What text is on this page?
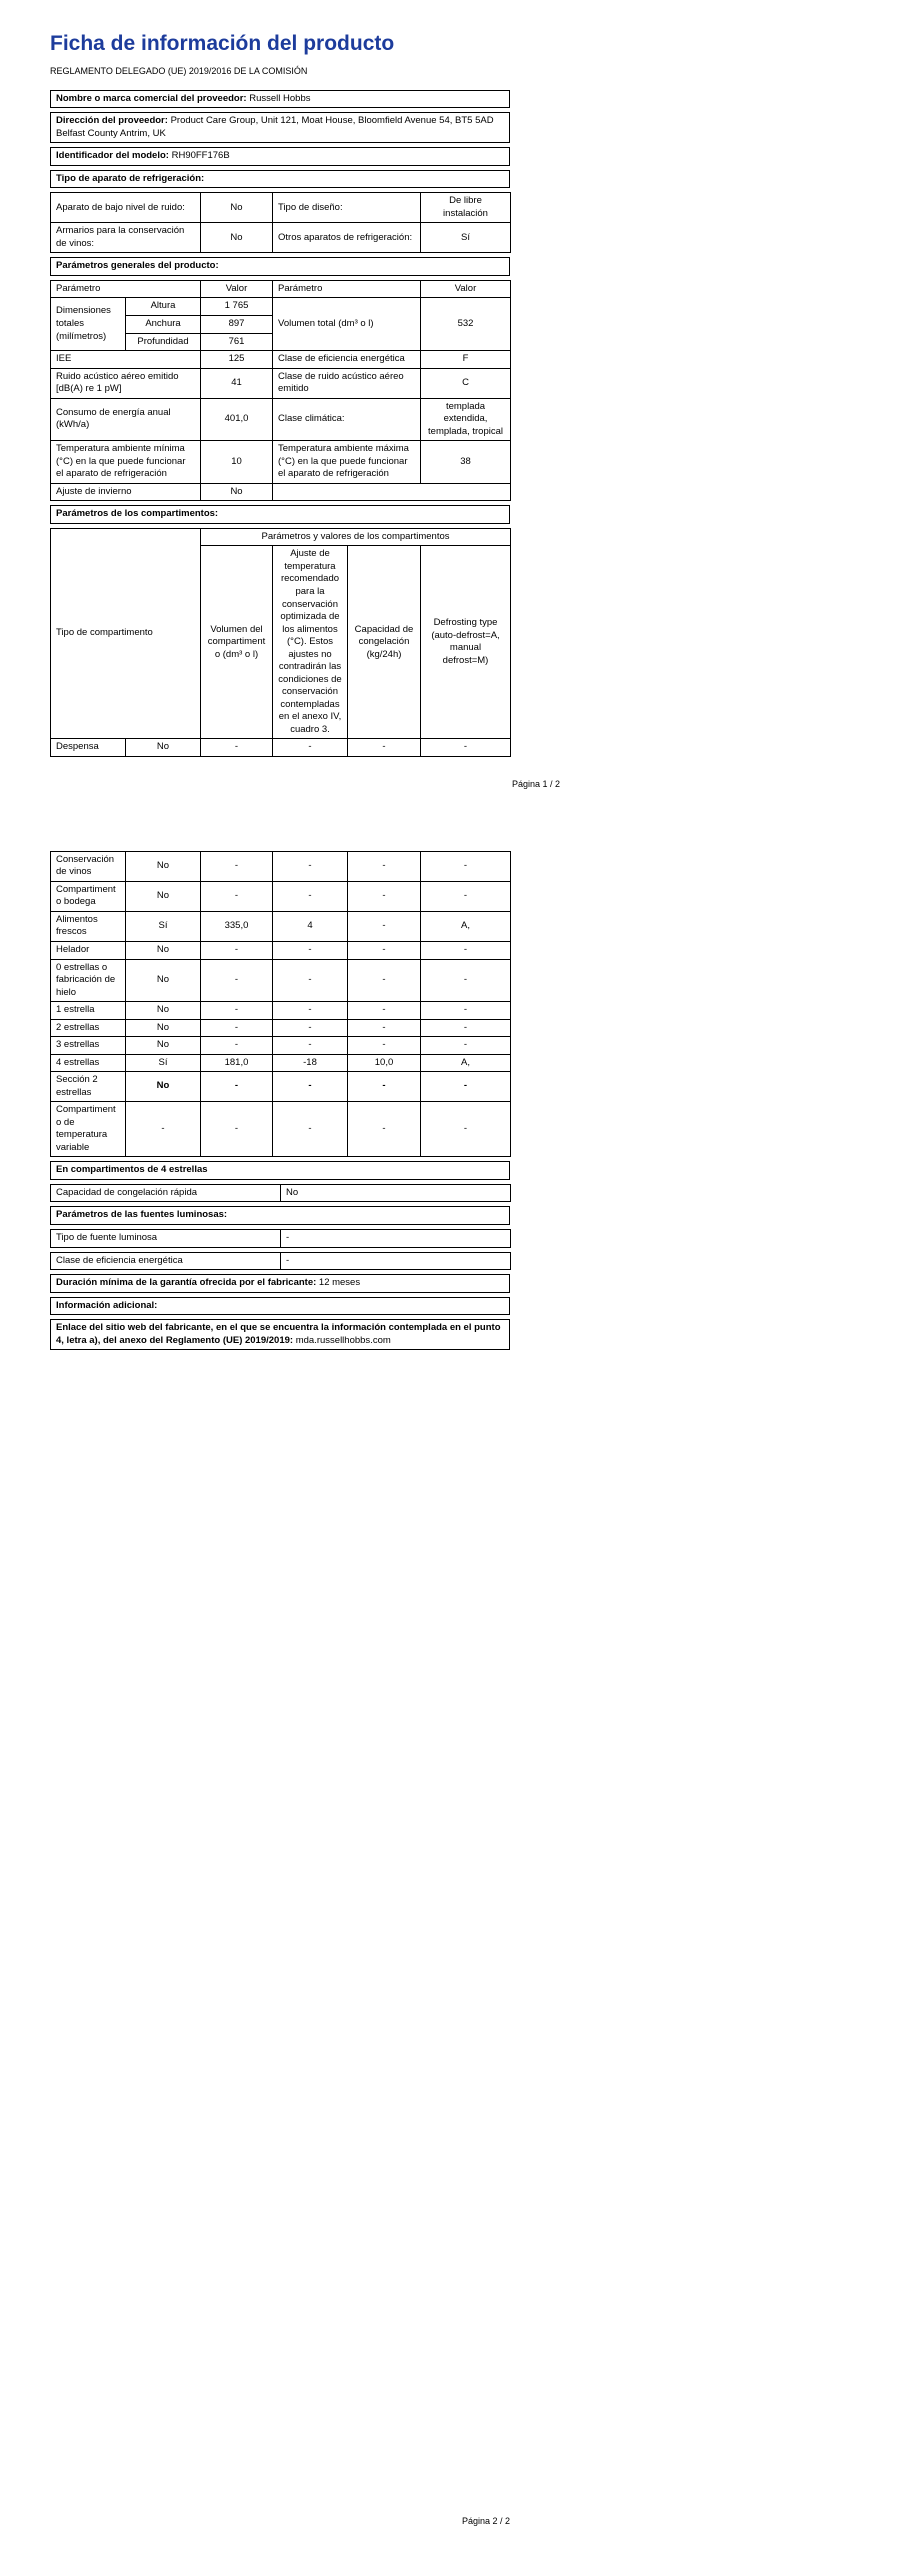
Ficha de información del producto
REGLAMENTO DELEGADO (UE) 2019/2016 DE LA COMISIÓN
Nombre o marca comercial del proveedor: Russell Hobbs
Dirección del proveedor: Product Care Group, Unit 121, Moat House, Bloomfield Avenue 54, BT5 5AD Belfast County Antrim, UK
Identificador del modelo: RH90FF176B
Tipo de aparato de refrigeración:
Aparato de bajo nivel de ruido:	No	Tipo de diseño:	De libre instalación
Armarios para la conservación de vinos:	No	Otros aparatos de refrigeración:	Sí
Parámetros generales del producto:
Parámetro		Valor	Parámetro	Valor
Dimensiones totales (milímetros)	Altura	1 765	Volumen total (dm³ o l)	532
	Anchura	897		
	Profundidad	761		
IEE		125	Clase de eficiencia energética	F
Ruido acústico aéreo emitido [dB(A) re 1 pW]		41	Clase de ruido acústico aéreo emitido	C
Consumo de energía anual (kWh/a)		401,0	Clase climática:	templada extendida, templada, tropical
Temperatura ambiente mínima (°C) en la que puede funcionar el aparato de refrigeración		10	Temperatura ambiente máxima (°C) en la que puede funcionar el aparato de refrigeración	38
Ajuste de invierno		No		
Parámetros de los compartimentos:
Tipo de compartimento		Parámetros y valores de los compartimentos			
		Volumen del compartimento (dm³ o l)	Ajuste de temperatura recomendado para la conservación optimizada de los alimentos (°C). Estos ajustes no contradirán las condiciones de conservación contempladas en el anexo IV, cuadro 3.	Capacidad de congelación (kg/24h)	Defrosting type (auto-defrost=A, manual defrost=M)
Despensa	No	-	-	-	-
Página 1 / 2
Conservación de vinos	No	-	-	-	-
Compartimento bodega	No	-	-	-	-
Alimentos frescos	Sí	335,0	4	-	A,
Helador	No	-	-	-	-
0 estrellas o fabricación de hielo	No	-	-	-	-
1 estrella	No	-	-	-	-
2 estrellas	No	-	-	-	-
3 estrellas	No	-	-	-	-
4 estrellas	Sí	181,0	-18	10,0	A,
Sección 2 estrellas	No	-	-	-	-
Compartimento de temperatura variable	-	-	-	-	-
En compartimentos de 4 estrellas
Capacidad de congelación rápida	No
Parámetros de las fuentes luminosas:
Tipo de fuente luminosa	-
Clase de eficiencia energética	-
Duración mínima de la garantía ofrecida por el fabricante: 12 meses
Información adicional:
Enlace del sitio web del fabricante, en el que se encuentra la información contemplada en el punto 4, letra a), del anexo del Reglamento (UE) 2019/2019: mda.russellhobbs.com
Página 2 / 2
